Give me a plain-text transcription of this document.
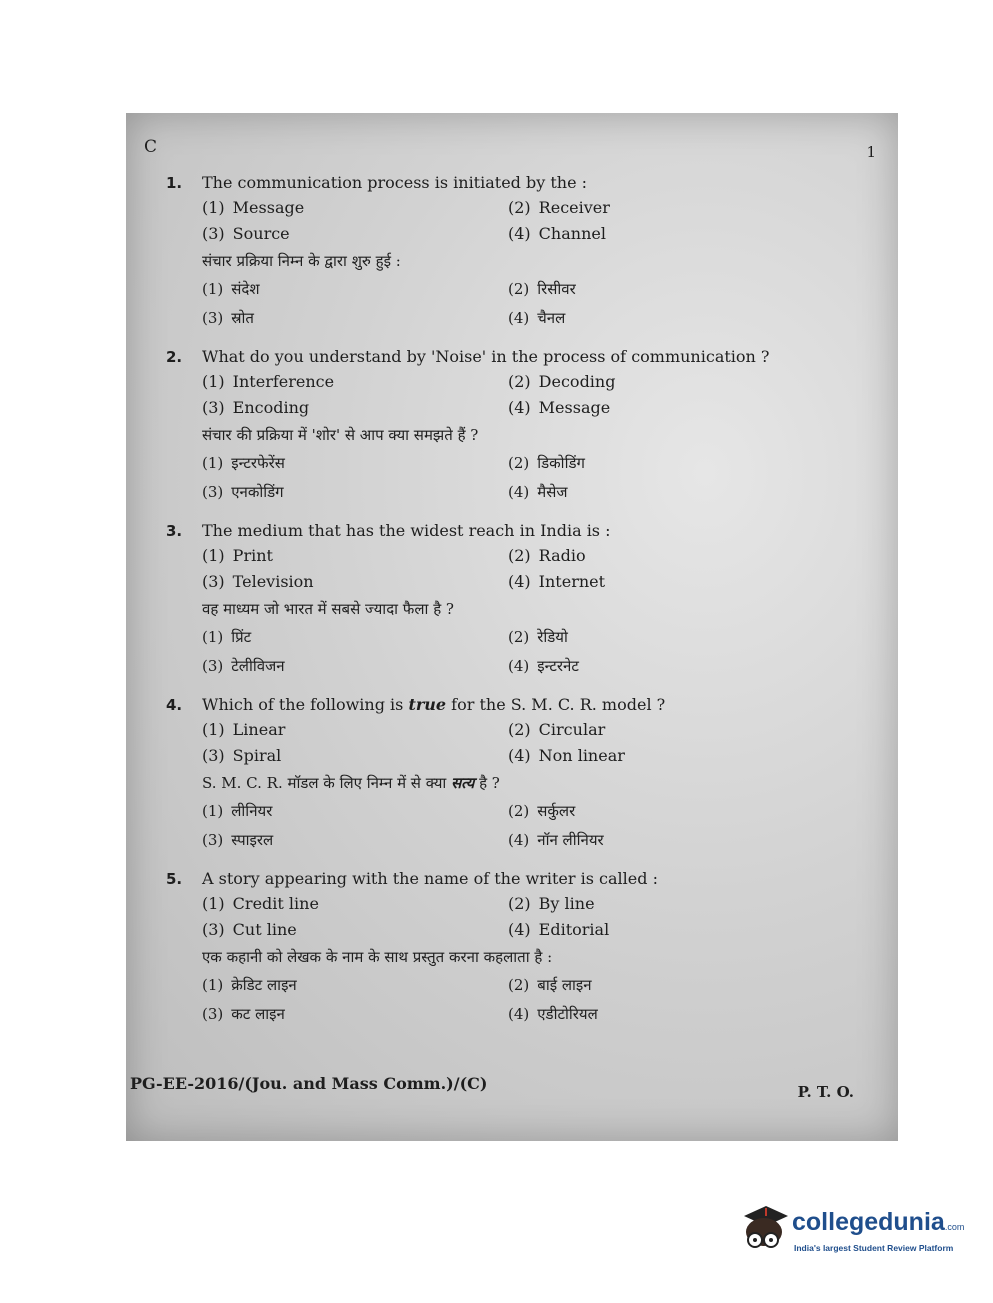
C	1
1.	The communication process is initiated by the :
(1) Message	(2) Receiver
(3) Source	(4) Channel
संचार प्रक्रिया निम्न के द्वारा शुरु हुई :
(1) संदेश	(2) रिसीवर
(3) स्रोत	(4) चैनल
2.	What do you understand by 'Noise' in the process of communication ?
(1) Interference	(2) Decoding
(3) Encoding	(4) Message
संचार की प्रक्रिया में 'शोर' से आप क्या समझते हैं ?
(1) इन्टरफेरेंस	(2) डिकोडिंग
(3) एनकोडिंग	(4) मैसेज
3.	The medium that has the widest reach in India is :
(1) Print	(2) Radio
(3) Television	(4) Internet
वह माध्यम जो भारत में सबसे ज्यादा फैला है ?
(1) प्रिंट	(2) रेडियो
(3) टेलीविजन	(4) इन्टरनेट
4.	Which of the following is true for the S. M. C. R. model ?
(1) Linear	(2) Circular
(3) Spiral	(4) Non linear
S. M. C. R. मॉडल के लिए निम्न में से क्या सत्य है ?
(1) लीनियर	(2) सर्कुलर
(3) स्पाइरल	(4) नॉन लीनियर
5.	A story appearing with the name of the writer is called :
(1) Credit line	(2) By line
(3) Cut line	(4) Editorial
एक कहानी को लेखक के नाम के साथ प्रस्तुत करना कहलाता है :
(1) क्रेडिट लाइन	(2) बाई लाइन
(3) कट लाइन	(4) एडीटोरियल
PG-EE-2016/(Jou. and Mass Comm.)/(C)	P. T. O.
collegedunia.com
India's largest Student Review Platform
